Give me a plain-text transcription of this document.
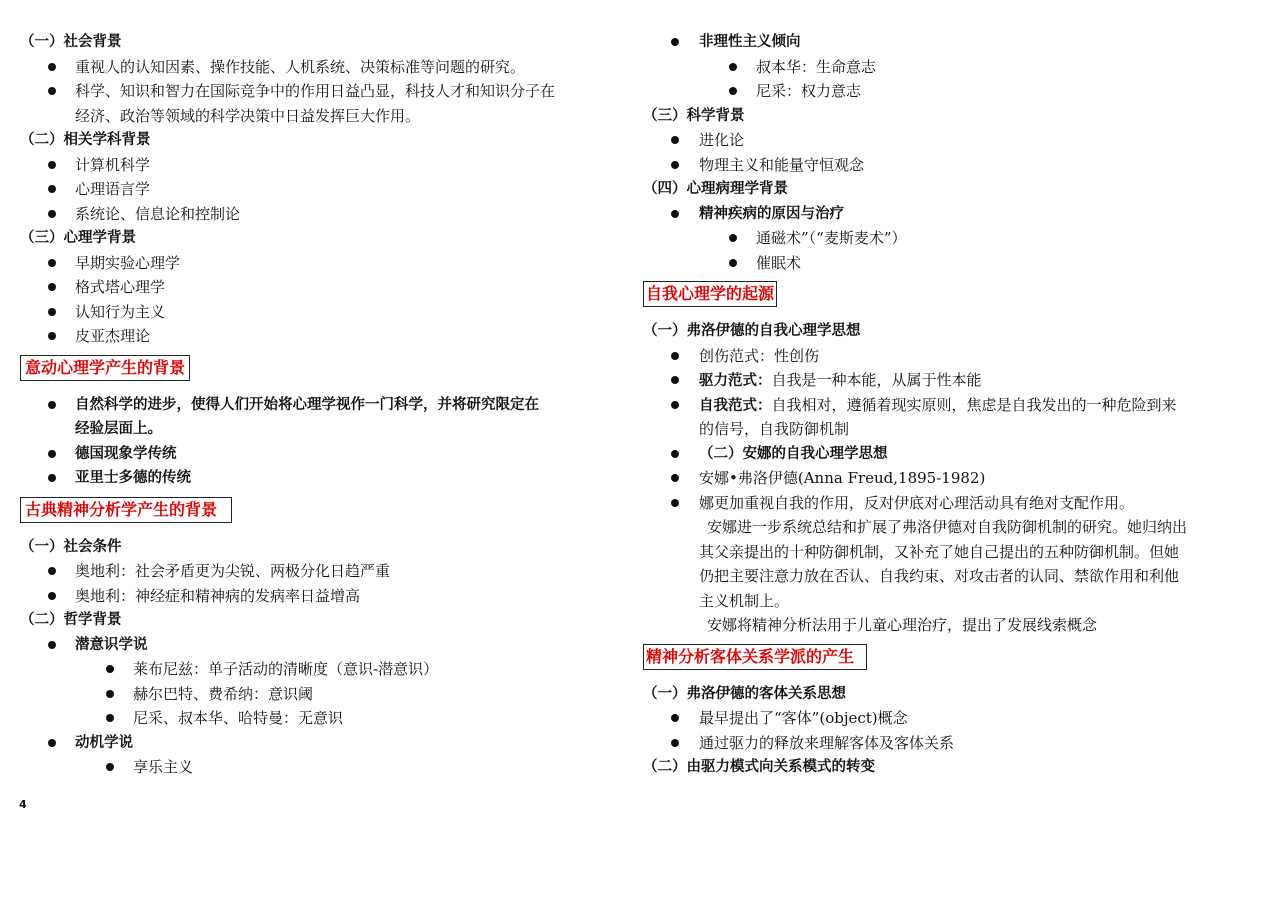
（一）社会背景
重视人的认知因素、操作技能、人机系统、决策标准等问题的研究。
科学、知识和智力在国际竞争中的作用日益凸显，科技人才和知识分子在
经济、政治等领域的科学决策中日益发挥巨大作用。
（二）相关学科背景
计算机科学
心理语言学
系统论、信息论和控制论
（三）心理学背景
早期实验心理学
格式塔心理学
认知行为主义
皮亚杰理论
意动心理学产生的背景
自然科学的进步，使得人们开始将心理学视作一门科学，并将研究限定在
经验层面上。
德国现象学传统
亚里士多德的传统
古典精神分析学产生的背景
（一）社会条件
奥地利：社会矛盾更为尖锐、两极分化日趋严重
奥地利：神经症和精神病的发病率日益增高
（二）哲学背景
潜意识学说
莱布尼兹：单子活动的清晰度（意识-潜意识）
赫尔巴特、费希纳：意识阈
尼采、叔本华、哈特曼：无意识
动机学说
享乐主义
非理性主义倾向
叔本华：生命意志
尼采：权力意志
（三）科学背景
进化论
物理主义和能量守恒观念
（四）心理病理学背景
精神疾病的原因与治疗
通磁术”（“麦斯麦术”）
催眠术
自我心理学的起源
（一）弗洛伊德的自我心理学思想
创伤范式：性创伤
驱力范式：自我是一种本能，从属于性本能
自我范式：自我相对，遵循着现实原则，焦虑是自我发出的一种危险到来
的信号，自我防御机制
（二）安娜的自我心理学思想
安娜•弗洛伊德(Anna Freud,1895-1982)
娜更加重视自我的作用，反对伊底对心理活动具有绝对支配作用。
安娜进一步系统总结和扩展了弗洛伊德对自我防御机制的研究。她归纳出
其父亲提出的十种防御机制，又补充了她自己提出的五种防御机制。但她
仍把主要注意力放在否认、自我约束、对攻击者的认同、禁欲作用和利他
主义机制上。
安娜将精神分析法用于儿童心理治疗，提出了发展线索概念
精神分析客体关系学派的产生
（一）弗洛伊德的客体关系思想
最早提出了“客体”(object)概念
通过驱力的释放来理解客体及客体关系
（二）由驱力模式向关系模式的转变
4
